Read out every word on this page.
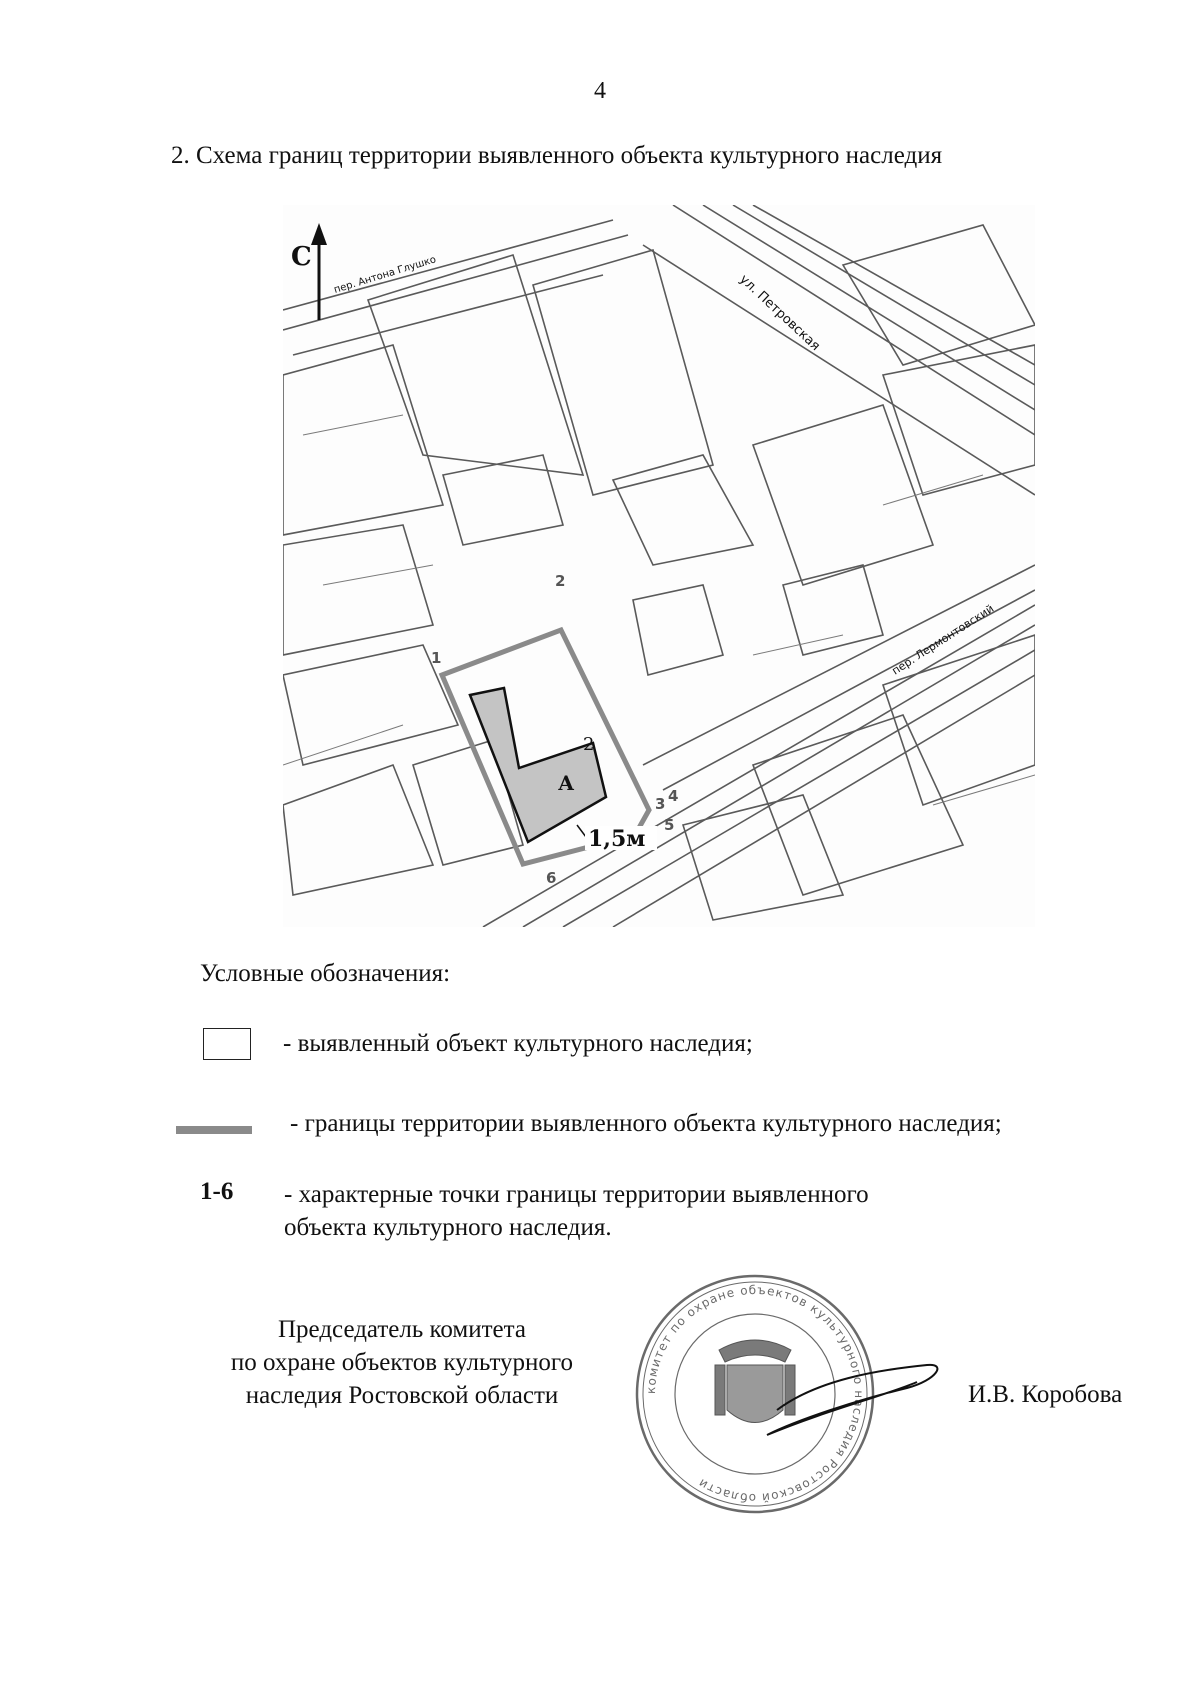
4
2. Схема границ территории выявленного объекта культурного наследия
С пер. Антона Глушко	ул. Петровская
пер. Лермонтовский
1
2
3 4
5
6
А
2
1,5м
Условные обозначения:
- выявленный объект культурного наследия;
- границы территории выявленного объекта культурного наследия;
1-6 - характерные точки границы территории выявленного
объекта культурного наследия.
Председатель комитета
по охране объектов культурного
наследия Ростовской области	комитет по охране объектов культурного наследия Ростовской области
И.В. Коробова
